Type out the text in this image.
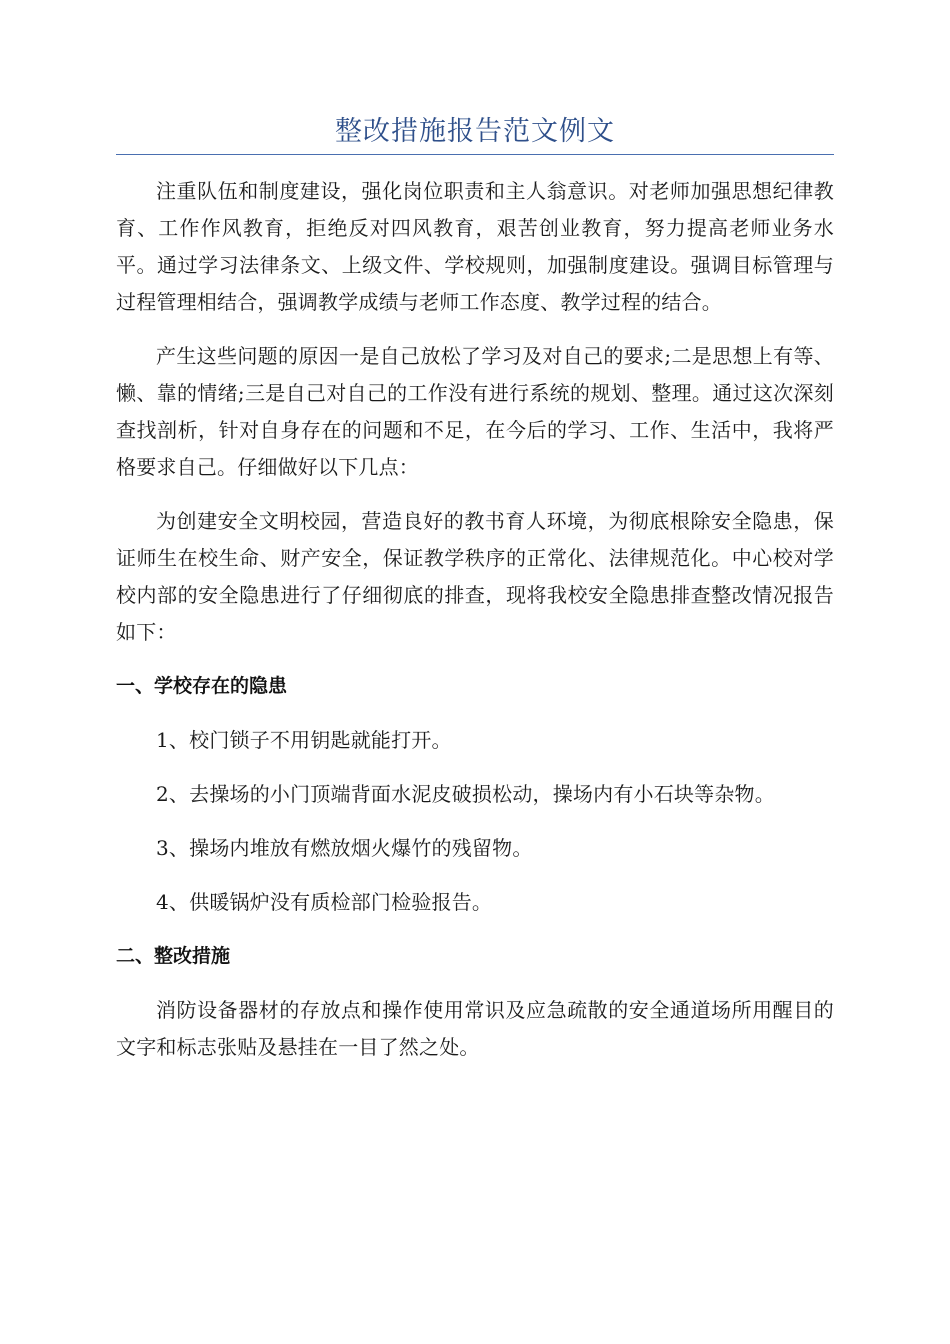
整改措施报告范文例文

注重队伍和制度建设，强化岗位职责和主人翁意识。对老师加强思想纪律教育、工作作风教育，拒绝反对四风教育，艰苦创业教育，努力提高老师业务水平。通过学习法律条文、上级文件、学校规则，加强制度建设。强调目标管理与过程管理相结合，强调教学成绩与老师工作态度、教学过程的结合。

产生这些问题的原因一是自己放松了学习及对自己的要求;二是思想上有等、懒、靠的情绪;三是自己对自己的工作没有进行系统的规划、整理。通过这次深刻查找剖析，针对自身存在的问题和不足，在今后的学习、工作、生活中，我将严格要求自己。仔细做好以下几点：

为创建安全文明校园，营造良好的教书育人环境，为彻底根除安全隐患，保证师生在校生命、财产安全，保证教学秩序的正常化、法律规范化。中心校对学校内部的安全隐患进行了仔细彻底的排查，现将我校安全隐患排查整改情况报告如下：

一、学校存在的隐患

1、校门锁子不用钥匙就能打开。

2、去操场的小门顶端背面水泥皮破损松动，操场内有小石块等杂物。

3、操场内堆放有燃放烟火爆竹的残留物。

4、供暖锅炉没有质检部门检验报告。

二、整改措施

消防设备器材的存放点和操作使用常识及应急疏散的安全通道场所用醒目的文字和标志张贴及悬挂在一目了然之处。
